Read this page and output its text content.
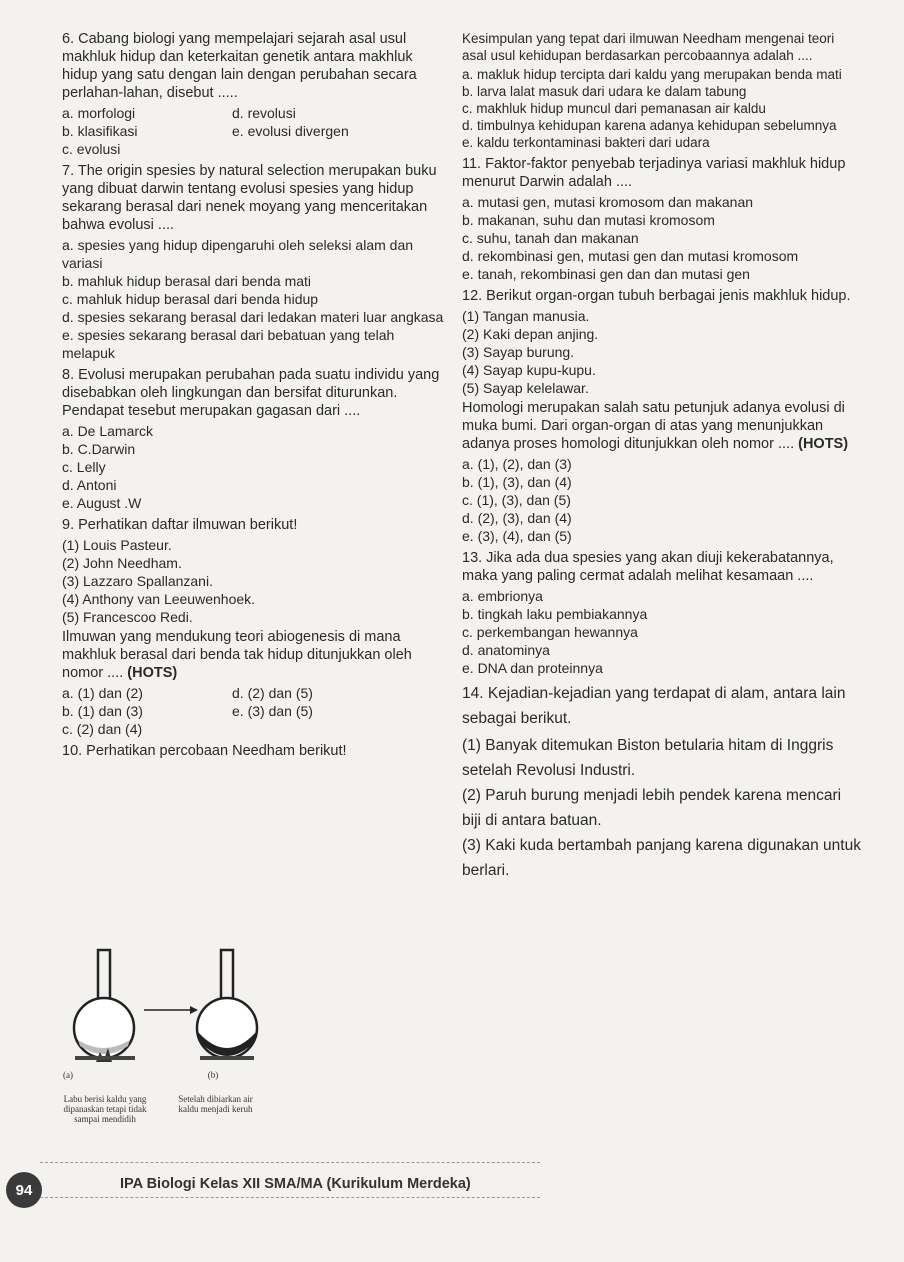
6. Cabang biologi yang mempelajari sejarah asal usul makhluk hidup dan keterkaitan genetik antara makhluk hidup yang satu dengan lain dengan perubahan secara perlahan-lahan, disebut .....

a. morfologi	d. revolusi
b. klasifikasi	e. evolusi divergen
c. evolusi

7. The origin spesies by natural selection merupakan buku yang dibuat darwin tentang evolusi spesies yang hidup sekarang berasal dari nenek moyang yang menceritakan bahwa evolusi ....

a. spesies yang hidup dipengaruhi oleh seleksi alam dan variasi
b. mahluk hidup berasal dari benda mati
c. mahluk hidup berasal dari benda hidup
d. spesies sekarang berasal dari ledakan materi luar angkasa
e. spesies sekarang berasal dari bebatuan yang telah melapuk

8. Evolusi merupakan perubahan pada suatu individu yang disebabkan oleh lingkungan dan bersifat diturunkan. Pendapat tesebut merupakan gagasan dari ....

a. De Lamarck
b. C.Darwin
c. Lelly
d. Antoni
e. August .W

9. Perhatikan daftar ilmuwan berikut!

(1) Louis Pasteur.
(2) John Needham.
(3) Lazzaro Spallanzani.
(4) Anthony van Leeuwenhoek.
(5) Francescoo Redi.

Ilmuwan yang mendukung teori abiogenesis di mana makhluk berasal dari benda tak hidup ditunjukkan oleh nomor .... (HOTS)

a. (1) dan (2)	d. (2) dan (5)
b. (1) dan (3)	e. (3) dan (5)
c. (2) dan (4)

10. Perhatikan percobaan Needham berikut!

(a)	(b)
Labu berisi kaldu yang dipanaskan tetapi tidak sampai mendidih
Setelah dibiarkan air kaldu menjadi keruh

Kesimpulan yang tepat dari ilmuwan Needham mengenai teori asal usul kehidupan berdasarkan percobaannya adalah ....

a. makluk hidup tercipta dari kaldu yang merupakan benda mati
b. larva lalat masuk dari udara ke dalam tabung
c. makhluk hidup muncul dari pemanasan air kaldu
d. timbulnya kehidupan karena adanya kehidupan sebelumnya
e. kaldu terkontaminasi bakteri dari udara

11. Faktor-faktor penyebab terjadinya variasi makhluk hidup menurut Darwin adalah ....

a. mutasi gen, mutasi kromosom dan makanan
b. makanan, suhu dan mutasi kromosom
c. suhu, tanah dan makanan
d. rekombinasi gen, mutasi gen dan mutasi kromosom
e. tanah, rekombinasi gen dan dan mutasi gen

12. Berikut organ-organ tubuh berbagai jenis makhluk hidup.

(1) Tangan manusia.
(2) Kaki depan anjing.
(3) Sayap burung.
(4) Sayap kupu-kupu.
(5) Sayap kelelawar.

Homologi merupakan salah satu petunjuk adanya evolusi di muka bumi. Dari organ-organ di atas yang menunjukkan adanya proses homologi ditunjukkan oleh nomor .... (HOTS)

a. (1), (2), dan (3)
b. (1), (3), dan (4)
c. (1), (3), dan (5)
d. (2), (3), dan (4)
e. (3), (4), dan (5)

13. Jika ada dua spesies yang akan diuji kekerabatannya, maka yang paling cermat adalah melihat kesamaan ....

a. embrionya
b. tingkah laku pembiakannya
c. perkembangan hewannya
d. anatominya
e. DNA dan proteinnya

14. Kejadian-kejadian yang terdapat di alam, antara lain sebagai berikut.

(1) Banyak ditemukan Biston betularia hitam di Inggris setelah Revolusi Industri.
(2) Paruh burung menjadi lebih pendek karena mencari biji di antara batuan.
(3) Kaki kuda bertambah panjang karena digunakan untuk berlari.
94	IPA Biologi Kelas XII SMA/MA (Kurikulum Merdeka)
